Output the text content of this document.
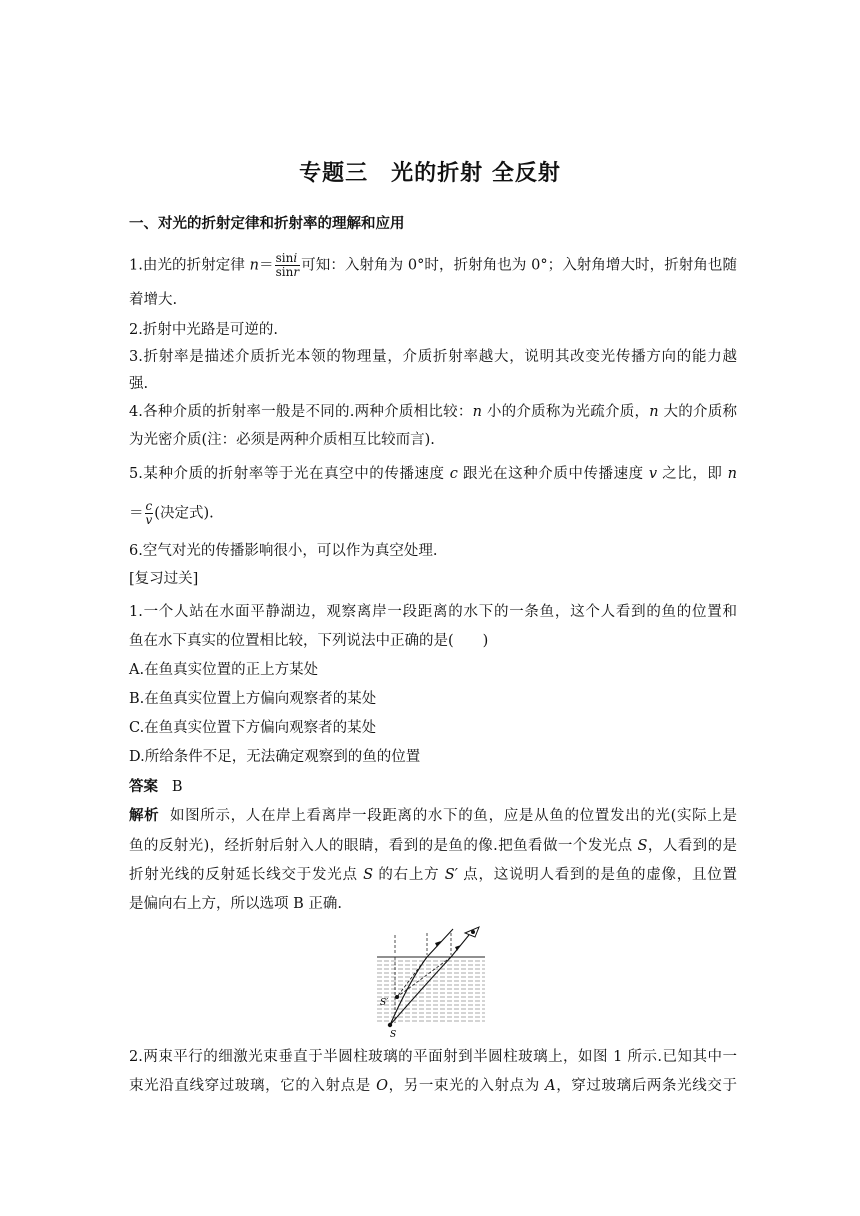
专题三　光的折射 全反射
一、对光的折射定律和折射率的理解和应用
1.由光的折射定律 $n= \frac{\sin i}{\sin r}$ 可知：入射角为 0°时，折射角也为 0°；入射角增大时，折射角也随
着增大.
2.折射中光路是可逆的.
3.折射率是描述介质折光本领的物理量，介质折射率越大，说明其改变光传播方向的能力越
强.
4.各种介质的折射率一般是不同的.两种介质相比较：n 小的介质称为光疏介质，n 大的介质称
为光密介质(注：必须是两种介质相互比较而言).
5.某种介质的折射率等于光在真空中的传播速度 c 跟光在这种介质中传播速度 v 之比，即 n
＝ $\frac{c}{v}$ (决定式).
6.空气对光的传播影响很小，可以作为真空处理.
[复习过关]
1.一个人站在水面平静湖边，观察离岸一段距离的水下的一条鱼，这个人看到的鱼的位置和
鱼在水下真实的位置相比较，下列说法中正确的是(　　)
A.在鱼真实位置的正上方某处
B.在鱼真实位置上方偏向观察者的某处
C.在鱼真实位置下方偏向观察者的某处
D.所给条件不足，无法确定观察到的鱼的位置
答案 B
解析 如图所示，人在岸上看离岸一段距离的水下的鱼，应是从鱼的位置发出的光(实际上是
鱼的反射光)，经折射后射入人的眼睛，看到的是鱼的像.把鱼看做一个发光点 S，人看到的是
折射光线的反射延长线交于发光点 S 的右上方 S′ 点，这说明人看到的是鱼的虚像，且位置
是偏向右上方，所以选项 B 正确.
S′
S
2.两束平行的细激光束垂直于半圆柱玻璃的平面射到半圆柱玻璃上，如图 1 所示.已知其中一
束光沿直线穿过玻璃，它的入射点是 O，另一束光的入射点为 A，穿过玻璃后两条光线交于
